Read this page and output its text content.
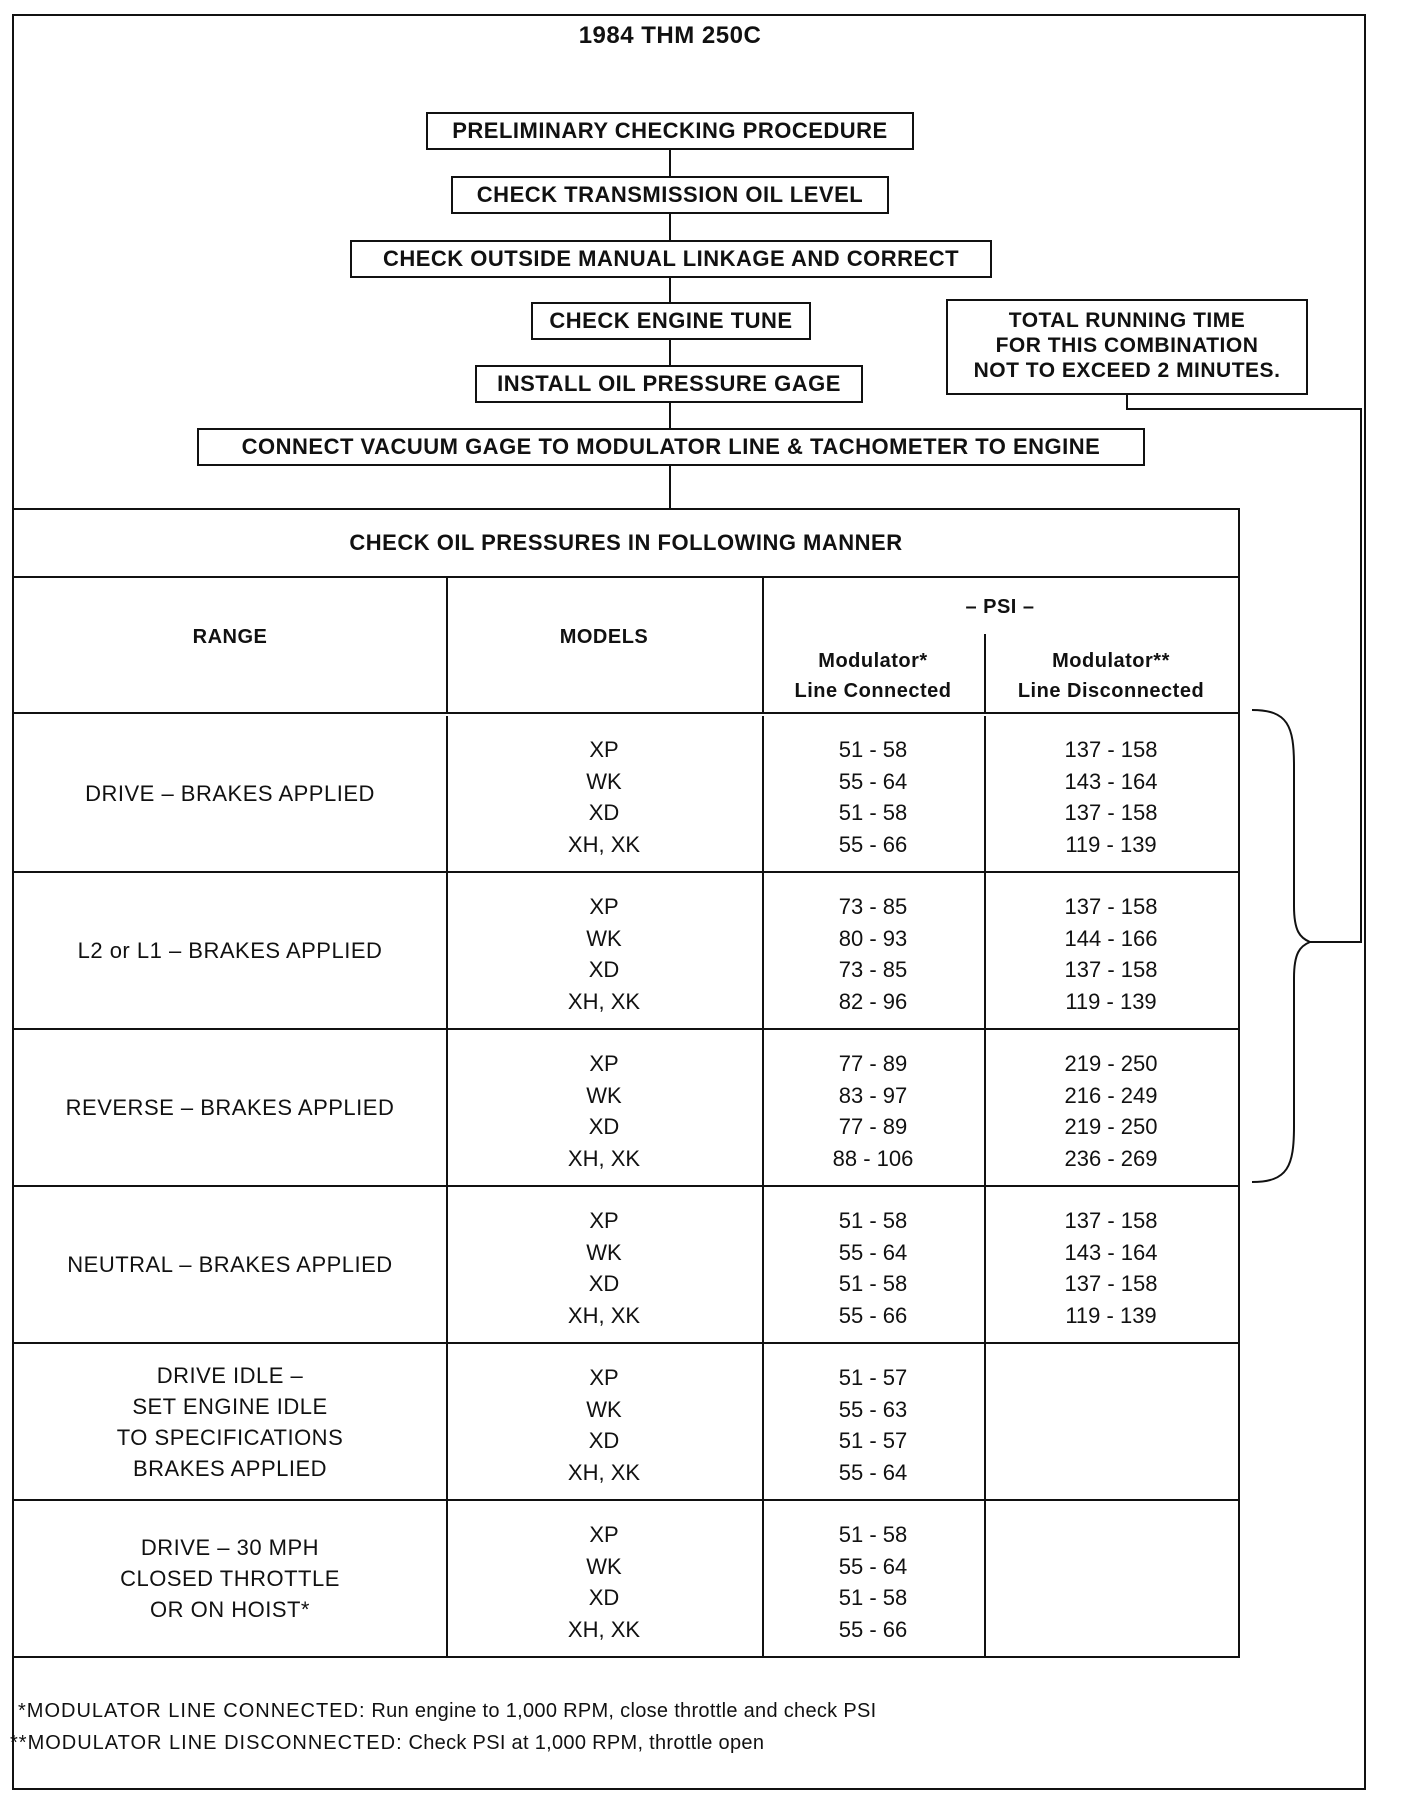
1984 THM 250C
PRELIMINARY CHECKING PROCEDURE
CHECK TRANSMISSION OIL LEVEL
CHECK OUTSIDE MANUAL LINKAGE AND CORRECT
CHECK ENGINE TUNE
INSTALL OIL PRESSURE GAGE
CONNECT VACUUM GAGE TO MODULATOR LINE & TACHOMETER TO ENGINE
TOTAL RUNNING TIME
FOR THIS COMBINATION
NOT TO EXCEED 2 MINUTES.
CHECK OIL PRESSURES IN FOLLOWING MANNER
RANGE	MODELS
– PSI –
Modulator*
Line Connected
Modulator**
Line Disconnected
DRIVE – BRAKES APPLIED
XP
WK
XD
XH, XK
51 - 58
55 - 64
51 - 58
55 - 66
137 - 158
143 - 164
137 - 158
119 - 139
L2 or L1 – BRAKES APPLIED
XP
WK
XD
XH, XK
73 - 85
80 - 93
73 - 85
82 - 96
137 - 158
144 - 166
137 - 158
119 - 139
REVERSE – BRAKES APPLIED
XP
WK
XD
XH, XK
77 - 89
83 - 97
77 - 89
88 - 106
219 - 250
216 - 249
219 - 250
236 - 269
NEUTRAL – BRAKES APPLIED
XP
WK
XD
XH, XK
51 - 58
55 - 64
51 - 58
55 - 66
137 - 158
143 - 164
137 - 158
119 - 139
DRIVE IDLE –
SET ENGINE IDLE
TO SPECIFICATIONS
BRAKES APPLIED
XP
WK
XD
XH, XK
51 - 57
55 - 63
51 - 57
55 - 64
DRIVE – 30 MPH
CLOSED THROTTLE
OR ON HOIST*
XP
WK
XD
XH, XK
51 - 58
55 - 64
51 - 58
55 - 66
*MODULATOR LINE CONNECTED: Run engine to 1,000 RPM, close throttle and check PSI
**MODULATOR LINE DISCONNECTED: Check PSI at 1,000 RPM, throttle open
